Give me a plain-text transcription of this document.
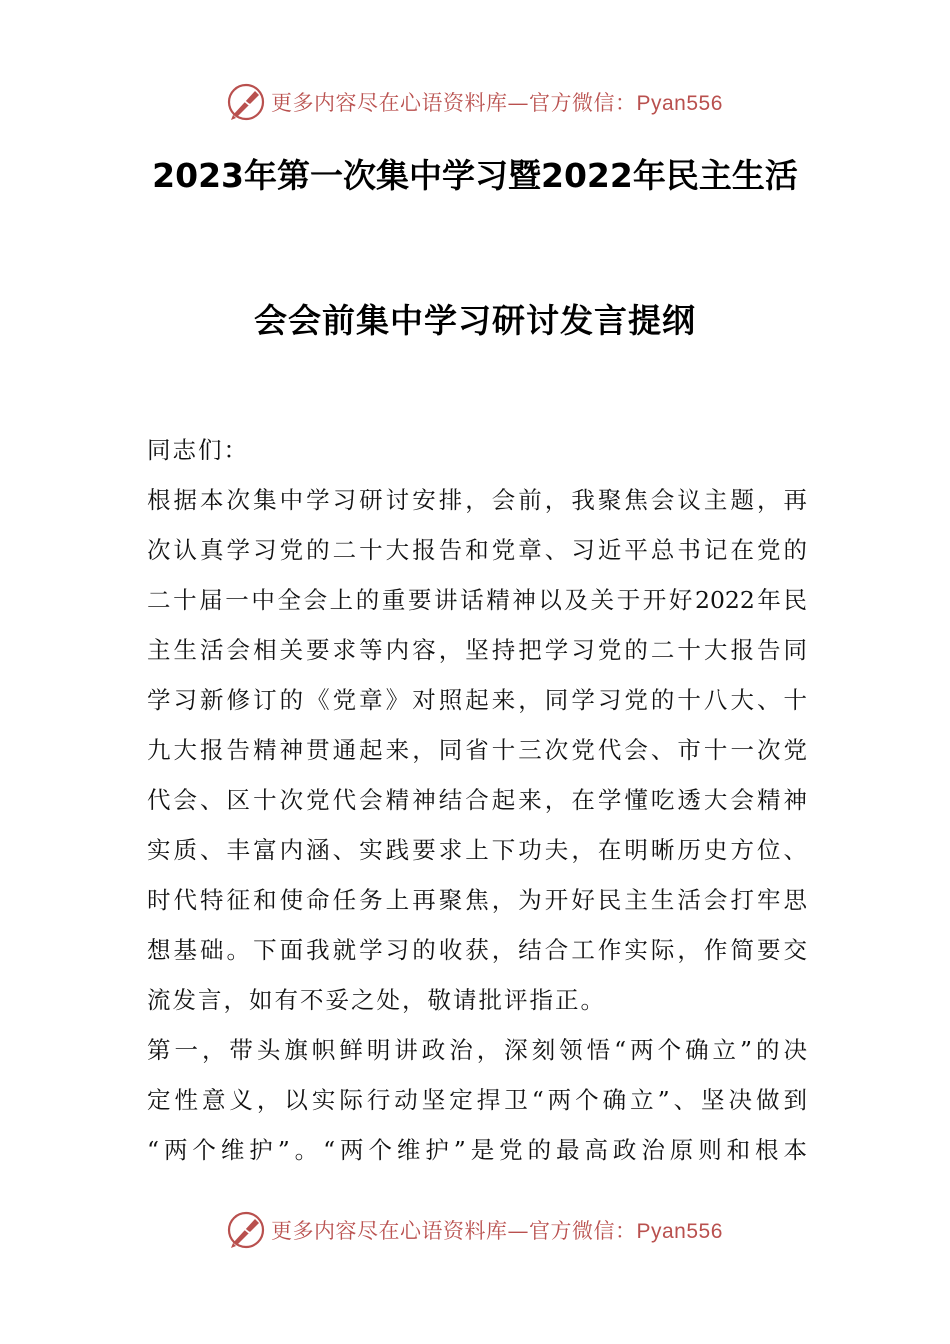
更多内容尽在心语资料库—官方微信：Pyan556
2023年第一次集中学习暨2022年民主生活
会会前集中学习研讨发言提纲
同志们：
根据本次集中学习研讨安排，会前，我聚焦会议主题，再
次认真学习党的二十大报告和党章、习近平总书记在党的
二十届一中全会上的重要讲话精神以及关于开好2022年民
主生活会相关要求等内容，坚持把学习党的二十大报告同
学习新修订的《党章》对照起来，同学习党的十八大、十
九大报告精神贯通起来，同省十三次党代会、市十一次党
代会、区十次党代会精神结合起来，在学懂吃透大会精神
实质、丰富内涵、实践要求上下功夫，在明晰历史方位、
时代特征和使命任务上再聚焦，为开好民主生活会打牢思
想基础。下面我就学习的收获，结合工作实际，作简要交
流发言，如有不妥之处，敬请批评指正。
第一，带头旗帜鲜明讲政治，深刻领悟“两个确立”的决
定性意义，以实际行动坚定捍卫“两个确立”、坚决做到
“两个维护”。“两个维护”是党的最高政治原则和根本
更多内容尽在心语资料库—官方微信：Pyan556
